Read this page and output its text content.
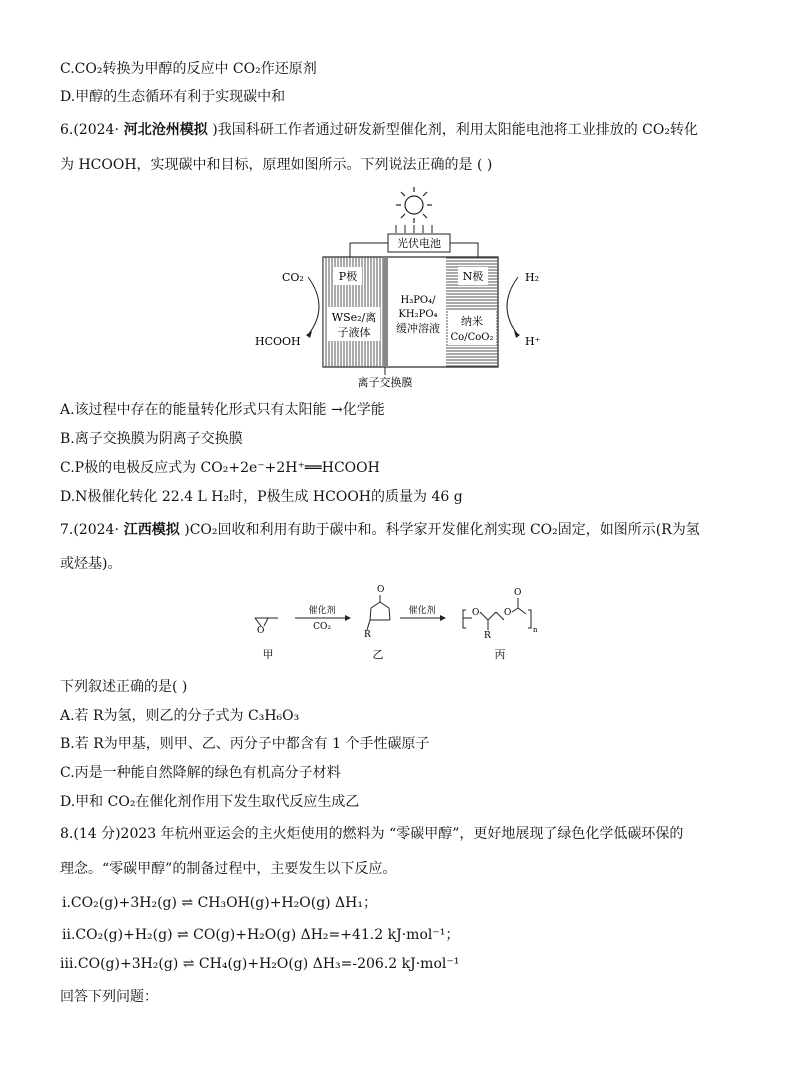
C.CO₂转换为甲醇的反应中 CO₂作还原剂
D.甲醇的生态循环有利于实现碳中和
6.(2024· 河北沧州模拟 )我国科研工作者通过研发新型催化剂，利用太阳能电池将工业排放的 CO₂转化
为 HCOOH，实现碳中和目标，原理如图所示。下列说法正确的是 ( )
光伏电池
P极
WSe₂/离
子液体
H₃PO₄/
KH₂PO₄
缓冲溶液
N极
纳米
Co/CoO₂
CO₂
HCOOH
H₂
H⁺
离子交换膜
A.该过程中存在的能量转化形式只有太阳能 →化学能
B.离子交换膜为阴离子交换膜
C.P极的电极反应式为 CO₂+2e⁻+2H⁺══HCOOH
D.N极催化转化 22.4 L H₂时，P极生成 HCOOH的质量为 46 g
7.(2024· 江西模拟 )CO₂回收和利用有助于碳中和。科学家开发催化剂实现 CO₂固定，如图所示(R为氢
或烃基)。
O
甲
催化剂
CO₂
O
R
乙
催化剂	O	O
O
R
n
丙
下列叙述正确的是( )
A.若 R为氢，则乙的分子式为 C₃H₆O₃
B.若 R为甲基，则甲、乙、丙分子中都含有 1 个手性碳原子
C.丙是一种能自然降解的绿色有机高分子材料
D.甲和 CO₂在催化剂作用下发生取代反应生成乙
8.(14 分)2023 年杭州亚运会的主火炬使用的燃料为 “零碳甲醇”，更好地展现了绿色化学低碳环保的
理念。“零碳甲醇”的制备过程中，主要发生以下反应。
ⅰ.CO₂(g)+3H₂(g) ⇌ CH₃OH(g)+H₂O(g) ΔH₁；
ⅱ.CO₂(g)+H₂(g) ⇌ CO(g)+H₂O(g) ΔH₂=+41.2 kJ·mol⁻¹；
ⅲ.CO(g)+3H₂(g) ⇌ CH₄(g)+H₂O(g) ΔH₃=-206.2 kJ·mol⁻¹
回答下列问题：
